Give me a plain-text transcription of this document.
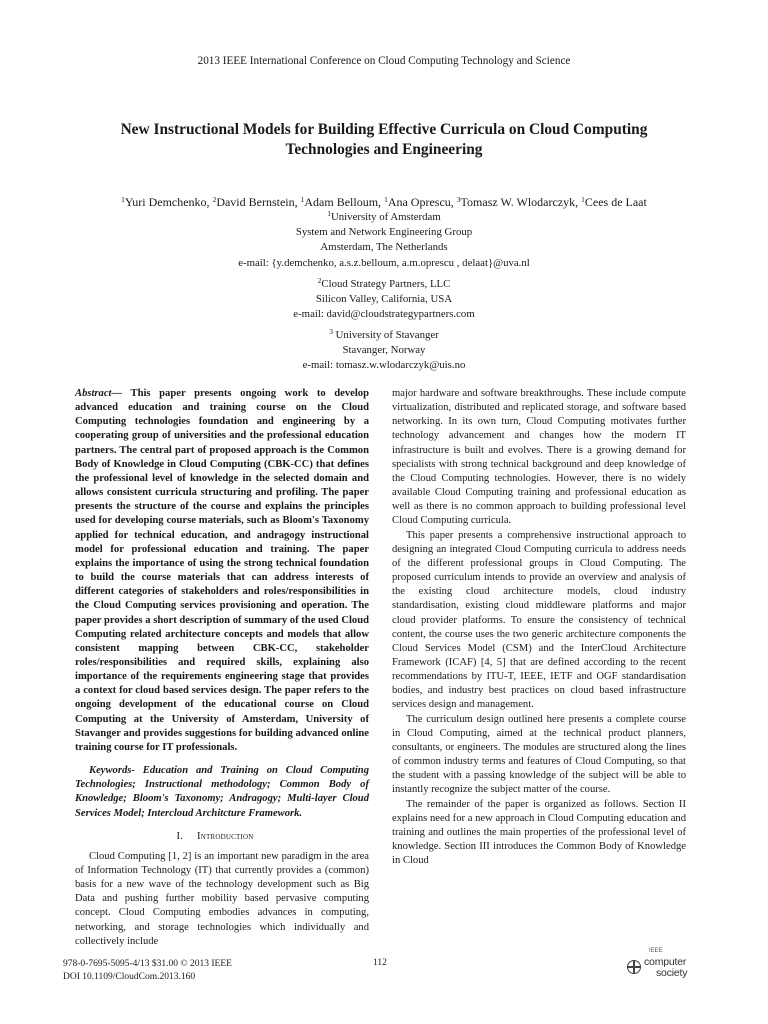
2013 IEEE International Conference on Cloud Computing Technology and Science
New Instructional Models for Building Effective Curricula on Cloud Computing
Technologies and Engineering
$^1$Yuri Demchenko, $^2$David Bernstein, $^1$Adam Belloum, $^1$Ana Oprescu, $^3$Tomasz W. Wlodarczyk, $^1$Cees de Laat
$^1$University of Amsterdam
System and Network Engineering Group
Amsterdam, The Netherlands
e-mail: {y.demchenko, a.s.z.belloum, a.m.oprescu , delaat}@uva.nl
$^2$Cloud Strategy Partners, LLC
Silicon Valley, California, USA
e-mail: david@cloudstrategypartners.com
$^3$ University of Stavanger
Stavanger, Norway
e-mail: tomasz.w.wlodarczyk@uis.no

Abstract— This paper presents ongoing work to develop advanced education and training course on the Cloud Computing technologies foundation and engineering by a cooperating group of universities and the professional education partners. The central part of proposed approach is the Common Body of Knowledge in Cloud Computing (CBK-CC) that defines the professional level of knowledge in the selected domain and allows consistent curricula structuring and profiling. The paper presents the structure of the course and explains the principles used for developing course materials, such as Bloom's Taxonomy applied for technical education, and andragogy instructional model for professional education and training. The paper explains the importance of using the strong technical foundation to build the course materials that can address interests of different categories of stakeholders and roles/responsibilities in the Cloud Computing services provisioning and operation. The paper provides a short description of summary of the used Cloud Computing related architecture concepts and models that allow consistent mapping between CBK-CC, stakeholder roles/responsibilities and required skills, explaining also importance of the requirements engineering stage that provides a context for cloud based services design. The paper refers to the ongoing development of the educational course on Cloud Computing at the University of Amsterdam, University of Stavanger and provides suggestions for building advanced online training course for IT professionals.

Keywords- Education and Training on Cloud Computing Technologies; Instructional methodology; Common Body of Knowledge; Bloom's Taxonomy; Andragogy; Multi-layer Cloud Services Model; Intercloud Architcture Framework.

I. Introduction

Cloud Computing [1, 2] is an important new paradigm in the area of Information Technology (IT) that currently provides a (common) basis for a new wave of the technology development such as Big Data and pushing further mobility based pervasive computing concept. Cloud Computing embodies advances in computing, networking, and storage technologies which individually and collectively include

major hardware and software breakthroughs. These include compute virtualization, distributed and replicated storage, and software based networking. In its own turn, Cloud Computing motivates further technology advancement and changes how the modern IT infrastructure is built and evolves. There is a growing demand for specialists with strong technical background and deep knowledge of the Cloud Computing technologies. However, there is no widely available Cloud Computing training and professional education as well as there is no common approach to building professional level Cloud Computing curricula.

This paper presents a comprehensive instructional approach to designing an integrated Cloud Computing curricula to address needs of the different professional groups in Cloud Computing. The proposed curriculum intends to provide an overview and analysis of the existing cloud architecture models, cloud industry standardisation, existing cloud middleware platforms and major cloud provider platforms. To ensure the consistency of technical content, the course uses the two generic architecture components the Cloud Services Model (CSM) and the InterCloud Architecture Framework (ICAF) [4, 5] that are defined according to the recent recommendations by ITU-T, IEEE, IETF and OGF standardisation bodies, and industry best practices on cloud based infrastructure services design and management.

The curriculum design outlined here presents a complete course in Cloud Computing, aimed at the technical product planners, consultants, or engineers. The modules are structured along the lines of common industry terms and features of Cloud Computing, so that the student with a passing knowledge of the subject will be able to instantly recognize the subject matter of the course.

The remainder of the paper is organized as follows. Section II explains need for a new approach in Cloud Computing education and training and outlines the main properties of the professional level of knowledge. Section III introduces the Common Body of Knowledge in Cloud

978-0-7695-5095-4/13 $31.00 © 2013 IEEE
DOI 10.1109/CloudCom.2013.160
112
IEEE
computer
society
